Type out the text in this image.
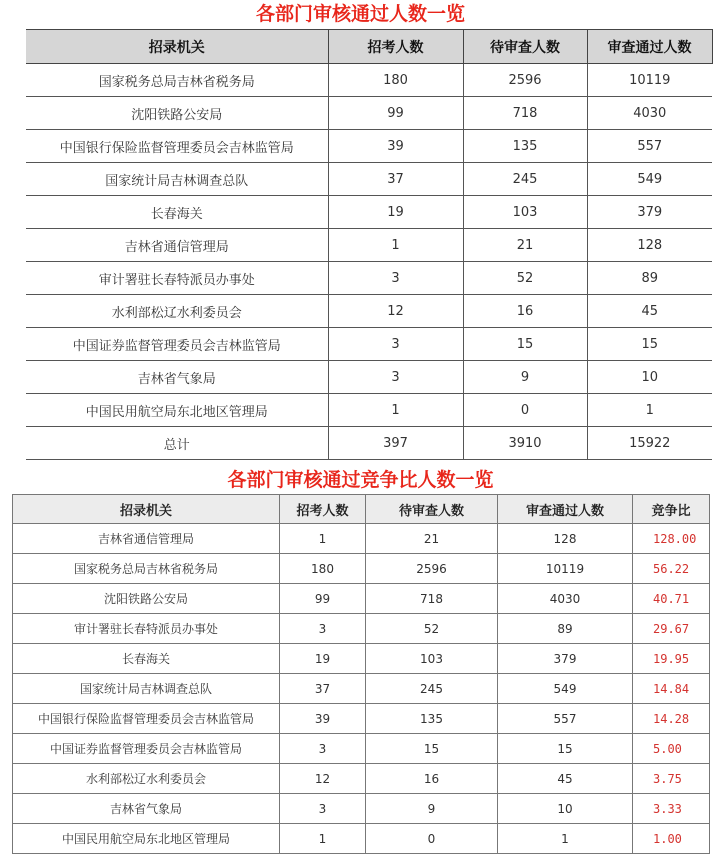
各部门审核通过人数一览
招录机关	招考人数	待审查人数	审查通过人数
国家税务总局吉林省税务局	180	2596	10119
沈阳铁路公安局	99	718	4030
中国银行保险监督管理委员会吉林监管局	39	135	557
国家统计局吉林调查总队	37	245	549
长春海关	19	103	379
吉林省通信管理局	1	21	128
审计署驻长春特派员办事处	3	52	89
水利部松辽水利委员会	12	16	45
中国证券监督管理委员会吉林监管局	3	15	15
吉林省气象局	3	9	10
中国民用航空局东北地区管理局	1	0	1
总计	397	3910	15922
各部门审核通过竞争比人数一览
招录机关	招考人数	待审查人数	审查通过人数	竞争比
吉林省通信管理局	1	21	128	128.00
国家税务总局吉林省税务局	180	2596	10119	56.22
沈阳铁路公安局	99	718	4030	40.71
审计署驻长春特派员办事处	3	52	89	29.67
长春海关	19	103	379	19.95
国家统计局吉林调查总队	37	245	549	14.84
中国银行保险监督管理委员会吉林监管局	39	135	557	14.28
中国证券监督管理委员会吉林监管局	3	15	15	5.00
水利部松辽水利委员会	12	16	45	3.75
吉林省气象局	3	9	10	3.33
中国民用航空局东北地区管理局	1	0	1	1.00
